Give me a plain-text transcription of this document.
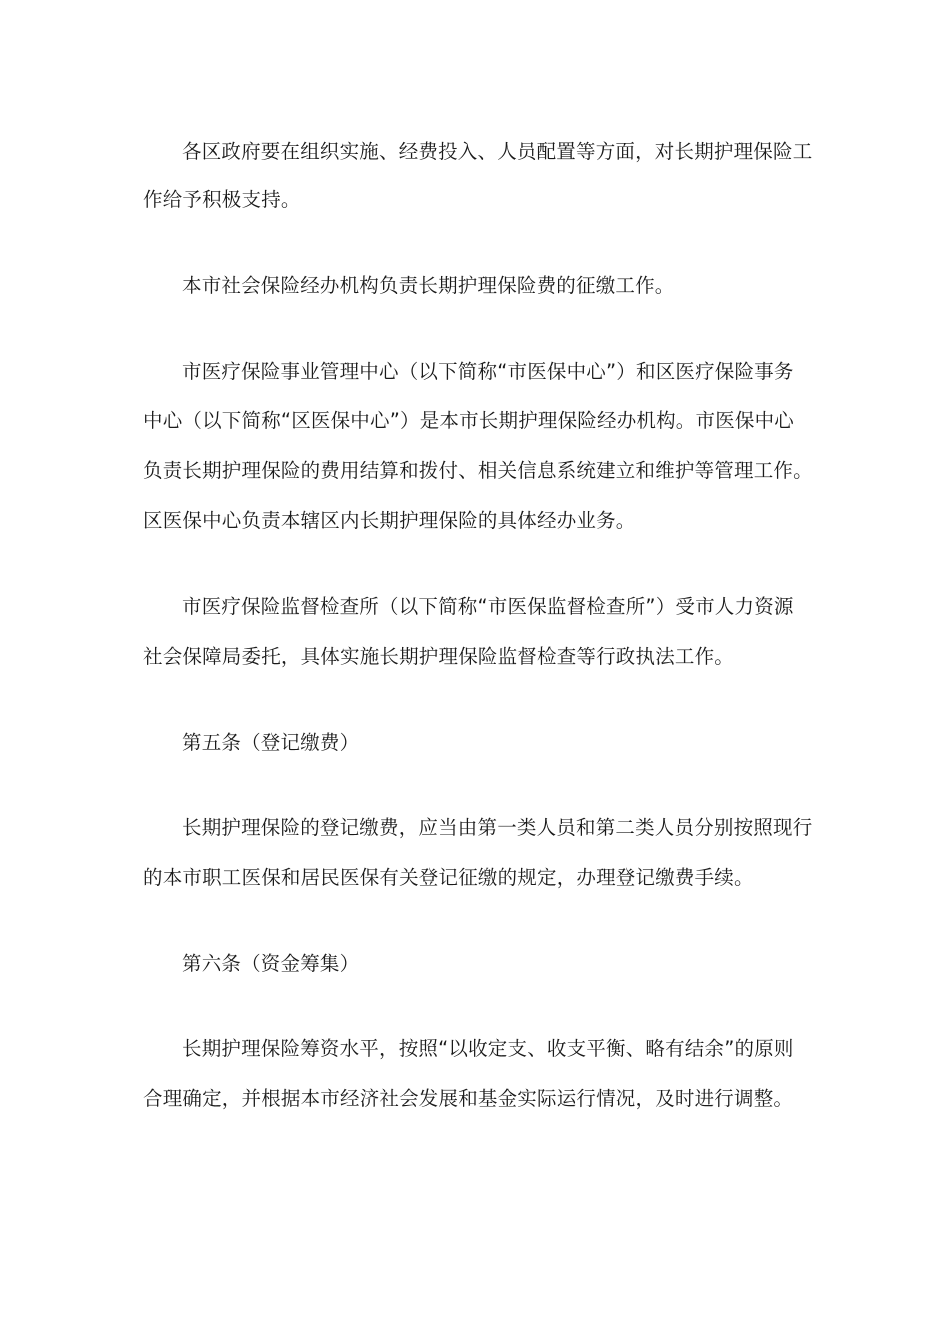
各区政府要在组织实施、经费投入、人员配置等方面，对长期护理保险工
作给予积极支持。
本市社会保险经办机构负责长期护理保险费的征缴工作。
市医疗保险事业管理中心（以下简称“市医保中心”）和区医疗保险事务
中心（以下简称“区医保中心”）是本市长期护理保险经办机构。市医保中心
负责长期护理保险的费用结算和拨付、相关信息系统建立和维护等管理工作。
区医保中心负责本辖区内长期护理保险的具体经办业务。
市医疗保险监督检查所（以下简称“市医保监督检查所”）受市人力资源
社会保障局委托，具体实施长期护理保险监督检查等行政执法工作。
第五条（登记缴费）
长期护理保险的登记缴费，应当由第一类人员和第二类人员分别按照现行
的本市职工医保和居民医保有关登记征缴的规定，办理登记缴费手续。
第六条（资金筹集）
长期护理保险筹资水平，按照“以收定支、收支平衡、略有结余”的原则
合理确定，并根据本市经济社会发展和基金实际运行情况，及时进行调整。
